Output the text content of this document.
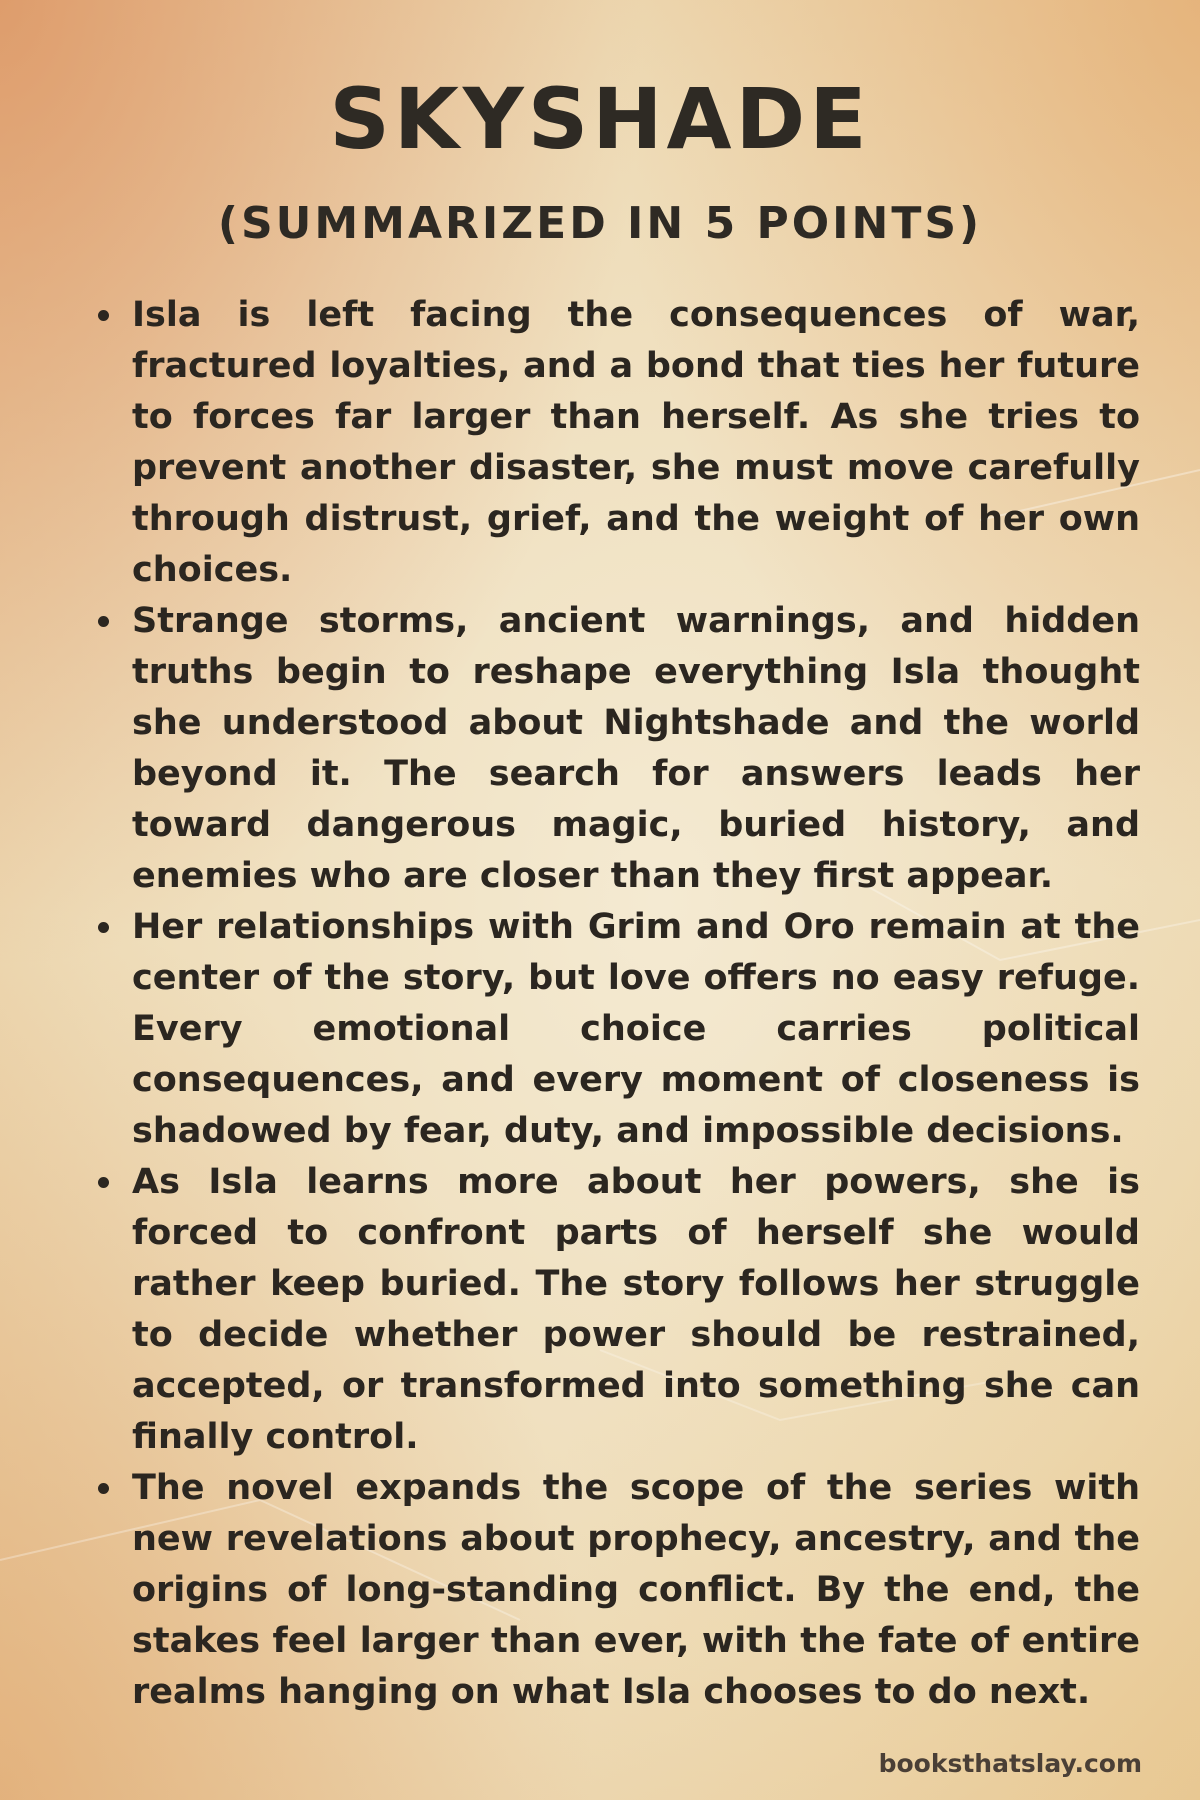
SKYSHADE
(SUMMARIZED IN 5 POINTS)
Isla is left facing the consequences of war, fractured loyalties, and a bond that ties her future to forces far larger than herself. As she tries to prevent another disaster, she must move carefully through distrust, grief, and the weight of her own choices.
Strange storms, ancient warnings, and hidden truths begin to reshape everything Isla thought she understood about Nightshade and the world beyond it. The search for answers leads her toward dangerous magic, buried history, and enemies who are closer than they first appear.
Her relationships with Grim and Oro remain at the center of the story, but love offers no easy refuge. Every emotional choice carries political consequences, and every moment of closeness is shadowed by fear, duty, and impossible decisions.
As Isla learns more about her powers, she is forced to confront parts of herself she would rather keep buried. The story follows her struggle to decide whether power should be restrained, accepted, or transformed into something she can finally control.
The novel expands the scope of the series with new revelations about prophecy, ancestry, and the origins of long-standing conflict. By the end, the stakes feel larger than ever, with the fate of entire realms hanging on what Isla chooses to do next.
booksthatslay.com
